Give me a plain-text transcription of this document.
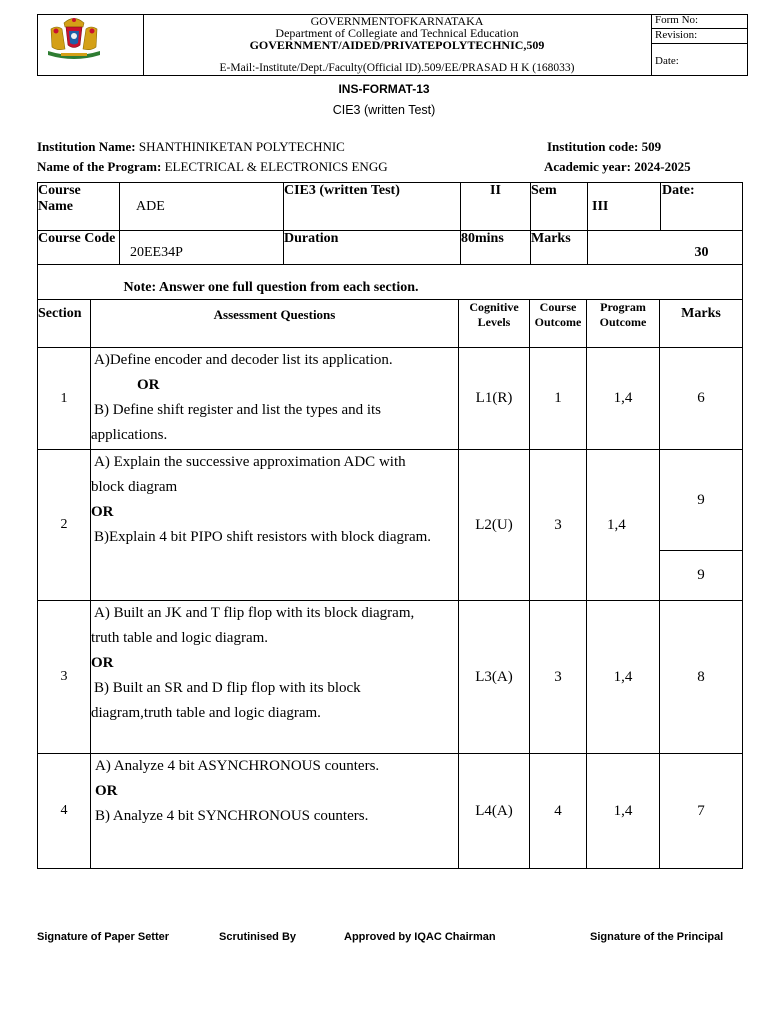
GOVERNMENTOFKARNATAKA
Department of Collegiate and Technical Education
GOVERNMENT/AIDED/PRIVATEPOLYTECHNIC,509
E-Mail:-Institute/Dept./Faculty(Official ID).509/EE/PRASAD H K (168033)
Form No:
Revision:
Date:
INS-FORMAT-13
CIE3 (written Test)
Institution Name: SHANTHINIKETAN POLYTECHNIC	Institution code: 509
Name of the Program: ELECTRICAL & ELECTRONICS ENGG	Academic year: 2024-2025
Course Name	ADE	CIE3 (written Test)	II	Sem	III	Date:
Course Code	20EE34P	Duration	80mins	Marks	30	
	Note: Answer one full question from each section.					
Section	Assessment Questions	Cognitive Levels	Course Outcome	Program Outcome	Marks
1	A)Define encoder and decoder list its application.

OR

B) Define shift register and list the types and its

applications.	L1(R)	1	1,4	6
2	A) Explain the successive approximation ADC with

block diagram

OR

B)Explain 4 bit PIPO shift resistors with block diagram.	L2(U)	3	1,4	9
					9
3	A) Built an JK and T flip flop with its block diagram,

truth table and logic diagram.

OR

B) Built an SR and D flip flop with its block

diagram,truth table and logic diagram.	L3(A)	3	1,4	8
4	A) Analyze 4 bit ASYNCHRONOUS counters.

OR

B) Analyze 4 bit SYNCHRONOUS counters.	L4(A)	4	1,4	7
Signature of Paper Setter	Scrutinised By	Approved by IQAC Chairman	Signature of the Principal
